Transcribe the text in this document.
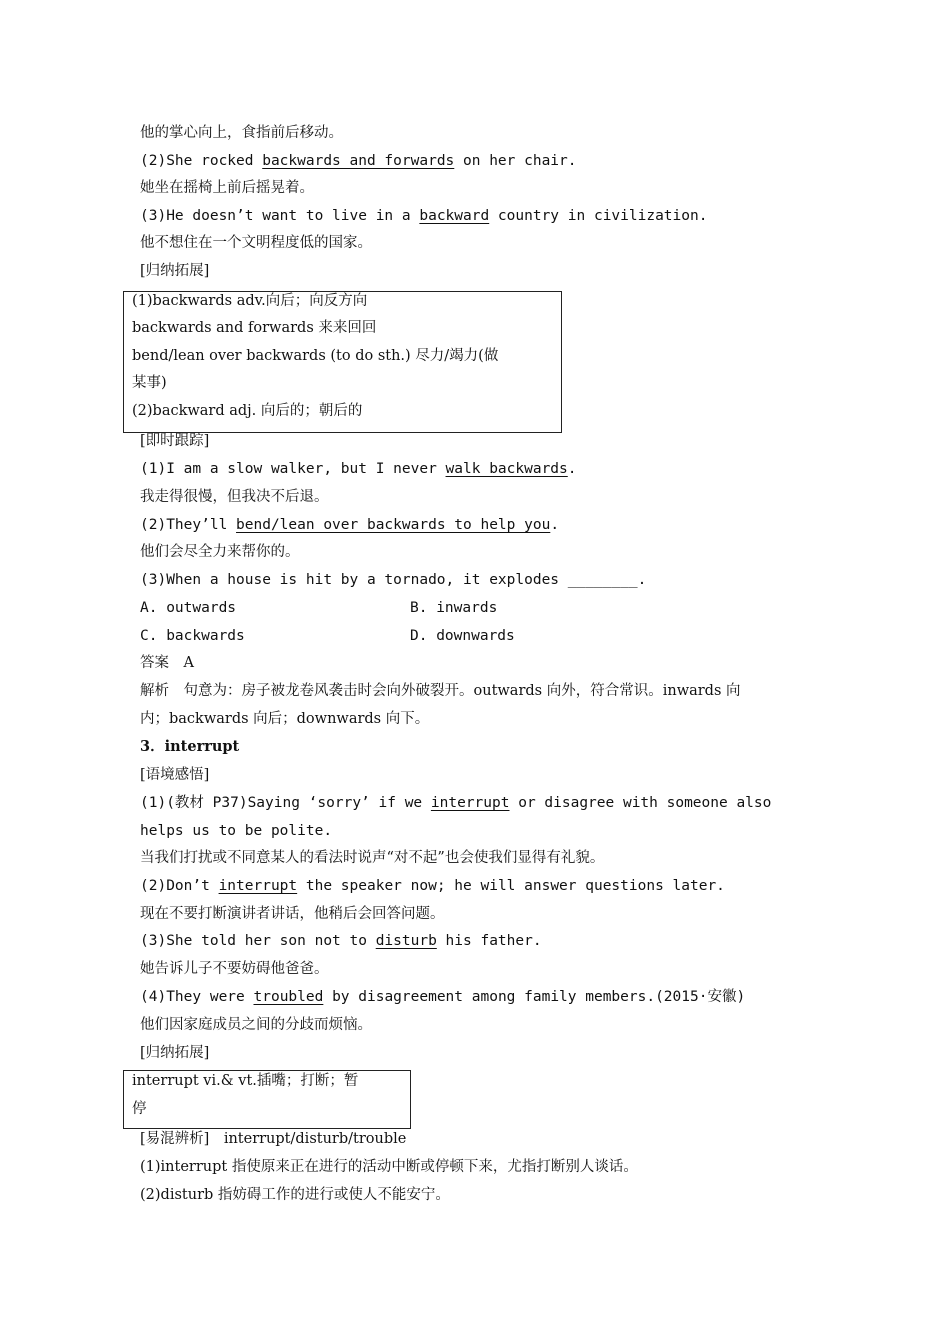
他的掌心向上，食指前后移动。
(2)She rocked backwards and forwards on her chair.
她坐在摇椅上前后摇晃着。
(3)He doesn’t want to live in a backward country in civilization.
他不想住在一个文明程度低的国家。
[归纳拓展]
(1)backwards adv.向后；向反方向
backwards and forwards 来来回回
bend/lean over backwards (to do sth.) 尽力/竭力(做
某事)
(2)backward adj. 向后的；朝后的
[即时跟踪]
(1)I am a slow walker, but I never walk backwards.
我走得很慢，但我决不后退。
(2)They’ll bend/lean over backwards to help you.
他们会尽全力来帮你的。
(3)When a house is hit by a tornado, it explodes ________.
A. outwards	B. inwards
C. backwards	D. downwards
答案　A
解析　句意为：房子被龙卷风袭击时会向外破裂开。outwards 向外，符合常识。inwards 向
内；backwards 向后；downwards 向下。
3．interrupt
[语境感悟]
(1)(教材 P37)Saying ‘sorry’ if we interrupt or disagree with someone also
helps us to be polite.
当我们打扰或不同意某人的看法时说声“对不起”也会使我们显得有礼貌。
(2)Don’t interrupt the speaker now; he will answer questions later.
现在不要打断演讲者讲话，他稍后会回答问题。
(3)She told her son not to disturb his father.
她告诉儿子不要妨碍他爸爸。
(4)They were troubled by disagreement among family members.(2015·安徽)
他们因家庭成员之间的分歧而烦恼。
[归纳拓展]
interrupt vi.& vt.插嘴；打断；暂
停
[易混辨析]　interrupt/disturb/trouble
(1)interrupt 指使原来正在进行的活动中断或停顿下来，尤指打断别人谈话。
(2)disturb 指妨碍工作的进行或使人不能安宁。
